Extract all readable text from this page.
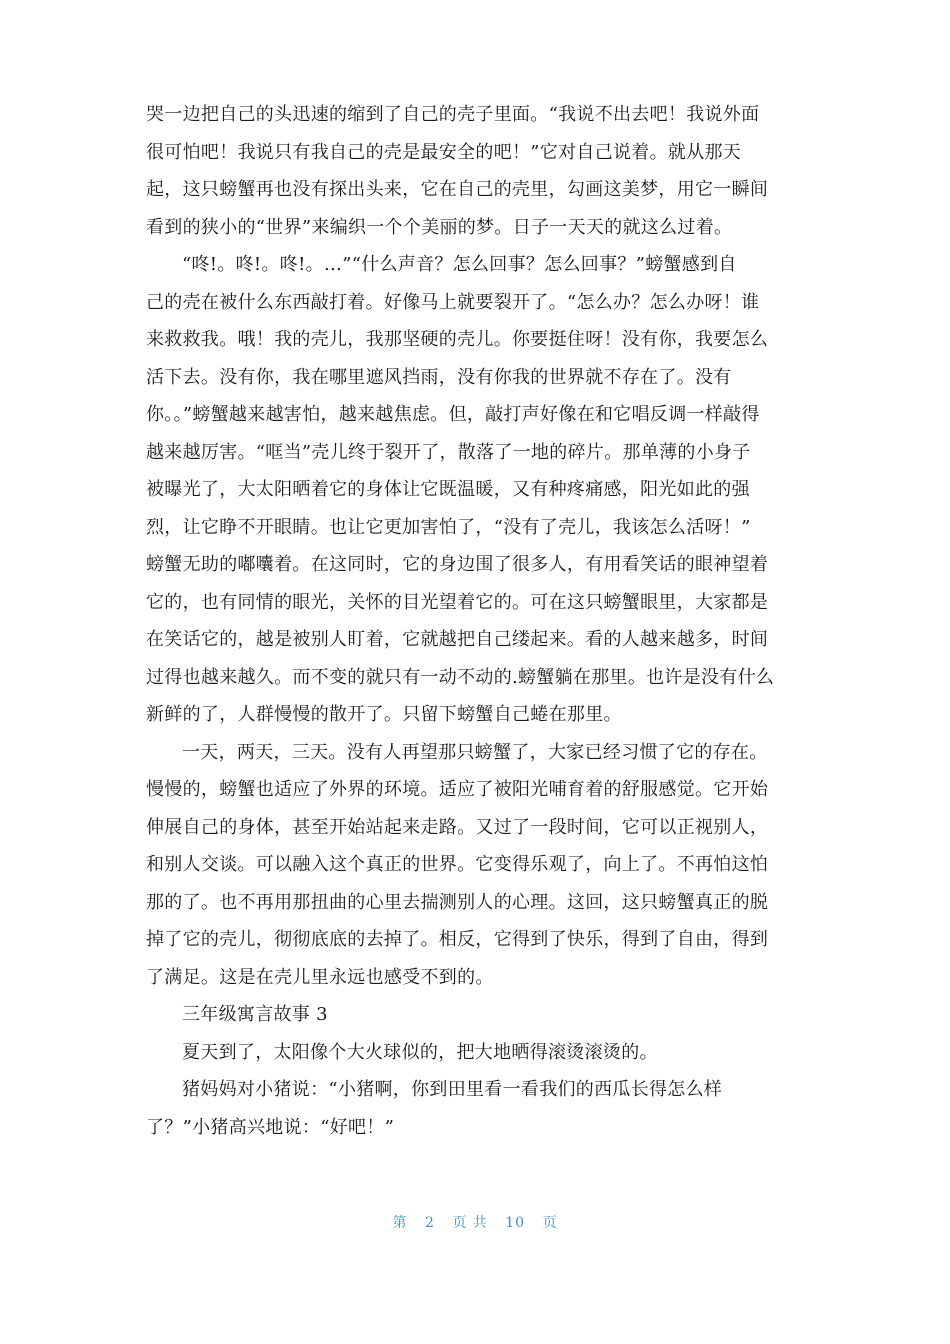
哭一边把自己的头迅速的缩到了自己的壳子里面。“我说不出去吧！我说外面
很可怕吧！我说只有我自己的壳是最安全的吧！”它对自己说着。就从那天
起，这只螃蟹再也没有探出头来，它在自己的壳里，勾画这美梦，用它一瞬间
看到的狭小的“世界”来编织一个个美丽的梦。日子一天天的就这么过着。
“咚!。咚!。咚!。…”“什么声音？怎么回事？怎么回事？”螃蟹感到自
己的壳在被什么东西敲打着。好像马上就要裂开了。“怎么办？怎么办呀！谁
来救救我。哦！我的壳儿，我那坚硬的壳儿。你要挺住呀！没有你，我要怎么
活下去。没有你，我在哪里遮风挡雨，没有你我的世界就不存在了。没有
你。。”螃蟹越来越害怕，越来越焦虑。但，敲打声好像在和它唱反调一样敲得
越来越厉害。“哐当”壳儿终于裂开了，散落了一地的碎片。那单薄的小身子
被曝光了，大太阳晒着它的身体让它既温暖，又有种疼痛感，阳光如此的强
烈，让它睁不开眼睛。也让它更加害怕了，“没有了壳儿，我该怎么活呀！”
螃蟹无助的嘟囔着。在这同时，它的身边围了很多人，有用看笑话的眼神望着
它的，也有同情的眼光，关怀的目光望着它的。可在这只螃蟹眼里，大家都是
在笑话它的，越是被别人盯着，它就越把自己缕起来。看的人越来越多，时间
过得也越来越久。而不变的就只有一动不动的.螃蟹躺在那里。也许是没有什么
新鲜的了，人群慢慢的散开了。只留下螃蟹自己蜷在那里。
一天，两天，三天。没有人再望那只螃蟹了，大家已经习惯了它的存在。
慢慢的，螃蟹也适应了外界的环境。适应了被阳光哺育着的舒服感觉。它开始
伸展自己的身体，甚至开始站起来走路。又过了一段时间，它可以正视别人，
和别人交谈。可以融入这个真正的世界。它变得乐观了，向上了。不再怕这怕
那的了。也不再用那扭曲的心里去揣测别人的心理。这回，这只螃蟹真正的脱
掉了它的壳儿，彻彻底底的去掉了。相反，它得到了快乐，得到了自由，得到
了满足。这是在壳儿里永远也感受不到的。
三年级寓言故事 3
夏天到了，太阳像个大火球似的，把大地晒得滚烫滚烫的。
猪妈妈对小猪说：“小猪啊，你到田里看一看我们的西瓜长得怎么样
了？”小猪高兴地说：“好吧！”
第 2 页 共 10 页
